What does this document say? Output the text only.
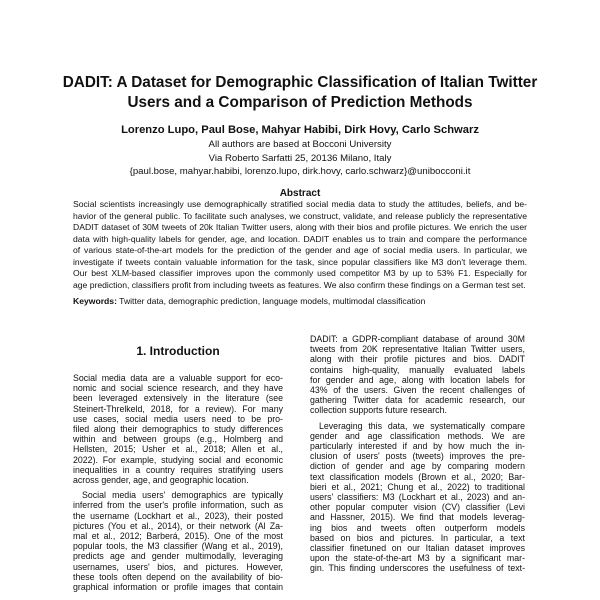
DADIT: A Dataset for Demographic Classification of Italian Twitter
Users and a Comparison of Prediction Methods
Lorenzo Lupo, Paul Bose, Mahyar Habibi, Dirk Hovy, Carlo Schwarz
All authors are based at Bocconi University
Via Roberto Sarfatti 25, 20136 Milano, Italy
{paul.bose, mahyar.habibi, lorenzo.lupo, dirk.hovy, carlo.schwarz}@unibocconi.it
Abstract
Social scientists increasingly use demographically stratified social media data to study the attitudes, beliefs, and be-
havior of the general public. To facilitate such analyses, we construct, validate, and release publicly the representative
DADIT dataset of 30M tweets of 20k Italian Twitter users, along with their bios and profile pictures. We enrich the user
data with high-quality labels for gender, age, and location. DADIT enables us to train and compare the performance
of various state-of-the-art models for the prediction of the gender and age of social media users. In particular, we
investigate if tweets contain valuable information for the task, since popular classifiers like M3 don't leverage them.
Our best XLM-based classifier improves upon the commonly used competitor M3 by up to 53% F1. Especially for
age prediction, classifiers profit from including tweets as features. We also confirm these findings on a German test set.
Keywords: Twitter data, demographic prediction, language models, multimodal classification
1. Introduction
Social media data are a valuable support for eco-
nomic and social science research, and they have
been leveraged extensively in the literature (see
Steinert-Threlkeld, 2018, for a review). For many
use cases, social media users need to be pro-
filed along their demographics to study differences
within and between groups (e.g., Holmberg and
Hellsten, 2015; Usher et al., 2018; Allen et al.,
2022). For example, studying social and economic
inequalities in a country requires stratifying users
across gender, age, and geographic location.
Social media users' demographics are typically
inferred from the user's profile information, such as
the username (Lockhart et al., 2023), their posted
pictures (You et al., 2014), or their network (Al Za-
mal et al., 2012; Barberá, 2015). One of the most
popular tools, the M3 classifier (Wang et al., 2019),
predicts age and gender multimodally, leveraging
usernames, users' bios, and pictures. However,
these tools often depend on the availability of bio-
graphical information or profile images that contain
DADIT: a GDPR-compliant database of around 30M
tweets from 20K representative Italian Twitter users,
along with their profile pictures and bios. DADIT
contains high-quality, manually evaluated labels
for gender and age, along with location labels for
43% of the users. Given the recent challenges of
gathering Twitter data for academic research, our
collection supports future research.
Leveraging this data, we systematically compare
gender and age classification methods. We are
particularly interested if and by how much the in-
clusion of users' posts (tweets) improves the pre-
diction of gender and age by comparing modern
text classification models (Brown et al., 2020; Bar-
bieri et al., 2021; Chung et al., 2022) to traditional
users' classifiers: M3 (Lockhart et al., 2023) and an-
other popular computer vision (CV) classifier (Levi
and Hassner, 2015). We find that models leverag-
ing bios and tweets often outperform models
based on bios and pictures. In particular, a text
classifier finetuned on our Italian dataset improves
upon the state-of-the-art M3 by a significant mar-
gin. This finding underscores the usefulness of text-
